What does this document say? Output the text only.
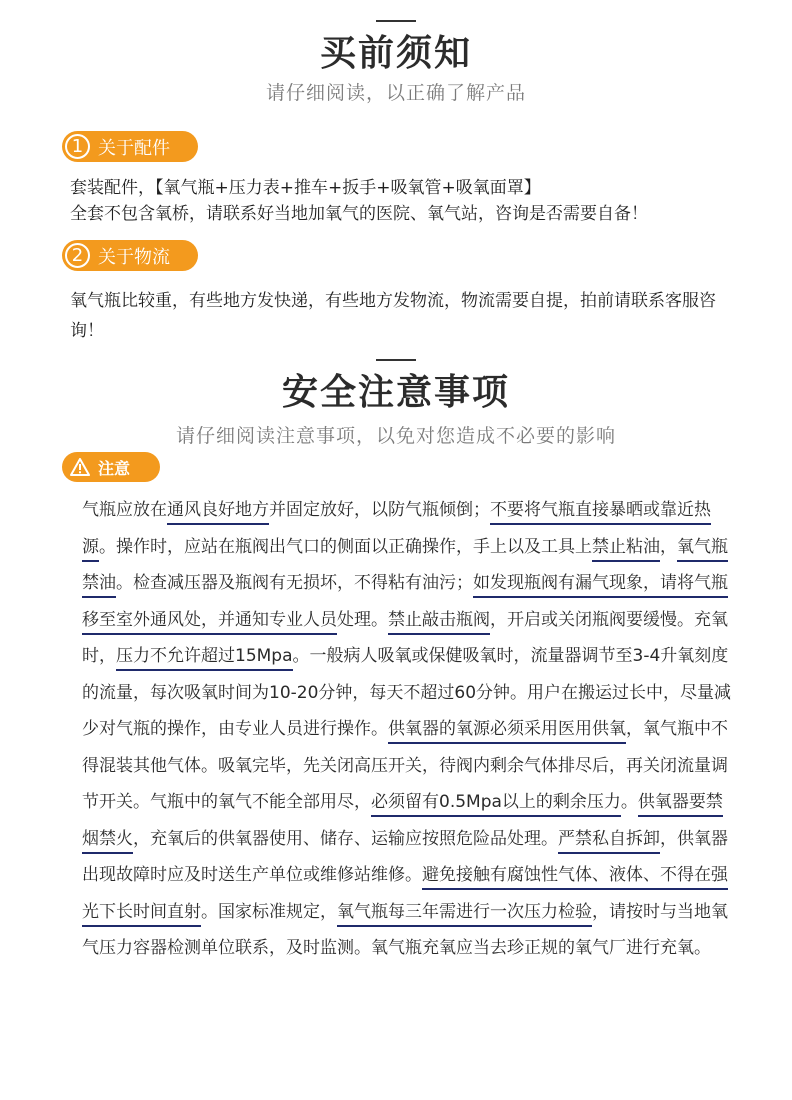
买前须知
请仔细阅读，以正确了解产品
1 关于配件
套装配件，【氧气瓶+压力表+推车+扳手+吸氧管+吸氧面罩】
全套不包含氧桥，请联系好当地加氧气的医院、氧气站，咨询是否需要自备！
2 关于物流
氧气瓶比较重，有些地方发快递，有些地方发物流，物流需要自提，拍前请联系客服咨询！
安全注意事项
请仔细阅读注意事项，以免对您造成不必要的影响
注意
气瓶应放在通风良好地方并固定放好，以防气瓶倾倒；不要将气瓶直接暴晒或靠近热源。操作时，应站在瓶阀出气口的侧面以正确操作，手上以及工具上禁止粘油，氧气瓶禁油。检查减压器及瓶阀有无损坏，不得粘有油污；如发现瓶阀有漏气现象，请将气瓶移至室外通风处，并通知专业人员处理。禁止敲击瓶阀，开启或关闭瓶阀要缓慢。充氧时，压力不允许超过15Mpa。一般病人吸氧或保健吸氧时，流量器调节至3-4升氧刻度的流量，每次吸氧时间为10-20分钟，每天不超过60分钟。用户在搬运过长中，尽量减少对气瓶的操作，由专业人员进行操作。供氧器的氧源必须采用医用供氧，氧气瓶中不得混装其他气体。吸氧完毕，先关闭高压开关，待阀内剩余气体排尽后，再关闭流量调节开关。气瓶中的氧气不能全部用尽，必须留有0.5Mpa以上的剩余压力。供氧器要禁烟禁火，充氧后的供氧器使用、储存、运输应按照危险品处理。严禁私自拆卸，供氧器出现故障时应及时送生产单位或维修站维修。避免接触有腐蚀性气体、液体、不得在强光下长时间直射。国家标准规定，氧气瓶每三年需进行一次压力检验，请按时与当地氧气压力容器检测单位联系，及时监测。氧气瓶充氧应当去珍正规的氧气厂进行充氧。
